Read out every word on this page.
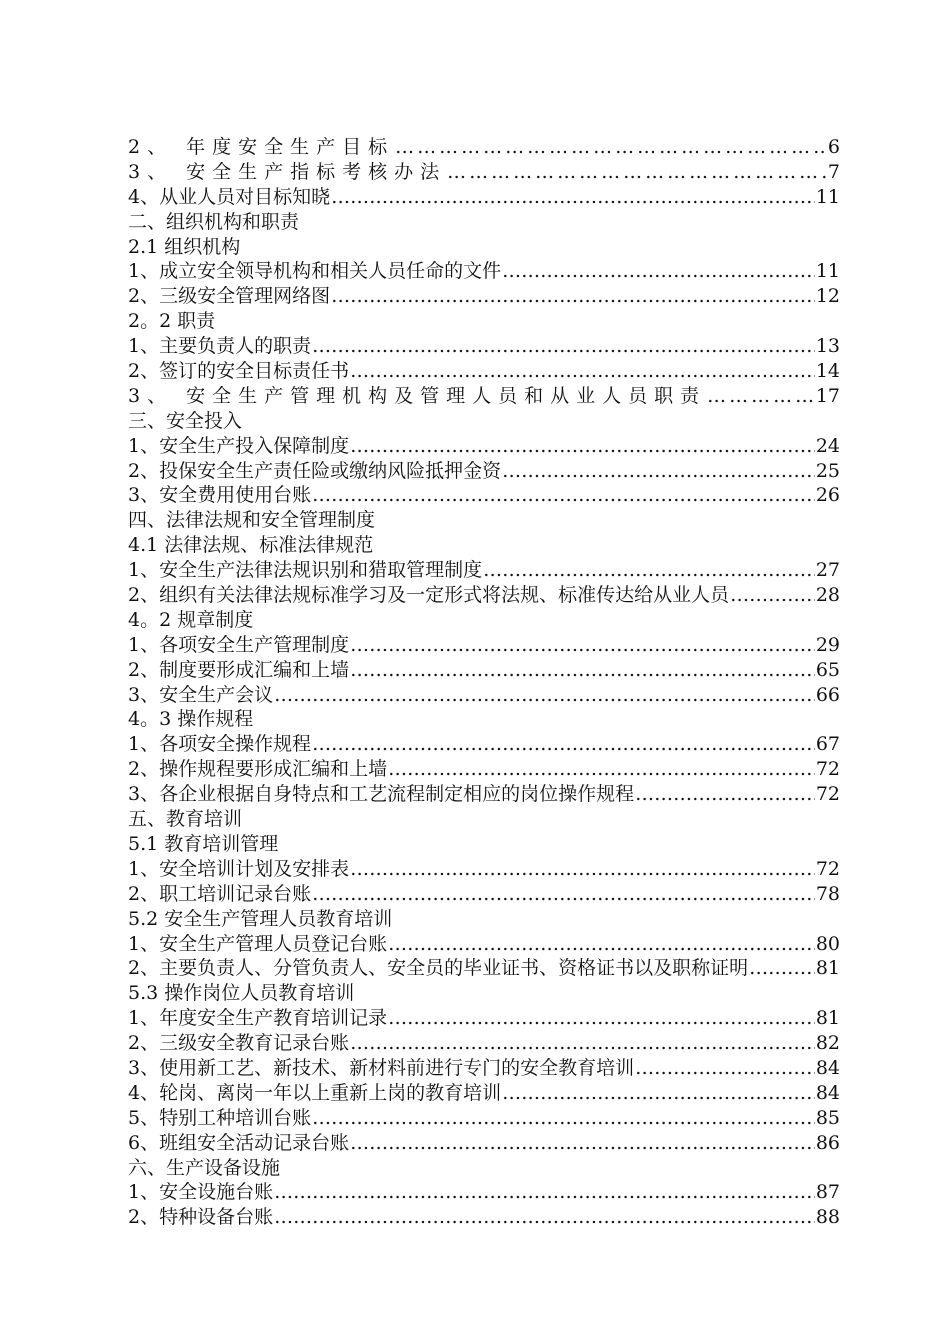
2、 年度安全生产目标 …………………………………………………………………………………………………………………………………………………………………………	6
3、 安全生产指标考核办法 …………………………………………………………………………………………………………………………………………………………………………	7
4、从业人员对目标知晓 …………………………………………………………………………………………………………………………………………………………………………	11
二、组织机构和职责
2.1 组织机构
1、成立安全领导机构和相关人员任命的文件 …………………………………………………………………………………………………………………………………………………………………………	11
2、三级安全管理网络图 …………………………………………………………………………………………………………………………………………………………………………	12
2。2 职责
1、主要负责人的职责 …………………………………………………………………………………………………………………………………………………………………………	13
2、签订的安全目标责任书 …………………………………………………………………………………………………………………………………………………………………………	14
3、 安全生产管理机构及管理人员和从业人员职责 …………………………………………………………………………………………………………………………………………………………………………	17
三、安全投入
1、安全生产投入保障制度 …………………………………………………………………………………………………………………………………………………………………………	24
2、投保安全生产责任险或缴纳风险抵押金资 …………………………………………………………………………………………………………………………………………………………………………	25
3、安全费用使用台账 …………………………………………………………………………………………………………………………………………………………………………	26
四、法律法规和安全管理制度
4.1 法律法规、标准法律规范
1、安全生产法律法规识别和猎取管理制度 …………………………………………………………………………………………………………………………………………………………………………	27
2、组织有关法律法规标准学习及一定形式将法规、标准传达给从业人员 …………………………………………………………………………………………………………………………………………………………………………	28
4。2 规章制度
1、各项安全生产管理制度 …………………………………………………………………………………………………………………………………………………………………………	29
2、制度要形成汇编和上墙 …………………………………………………………………………………………………………………………………………………………………………	65
3、安全生产会议 …………………………………………………………………………………………………………………………………………………………………………	66
4。3 操作规程
1、各项安全操作规程 …………………………………………………………………………………………………………………………………………………………………………	67
2、操作规程要形成汇编和上墙 …………………………………………………………………………………………………………………………………………………………………………	72
3、各企业根据自身特点和工艺流程制定相应的岗位操作规程 …………………………………………………………………………………………………………………………………………………………………………	72
五、教育培训
5.1 教育培训管理
1、安全培训计划及安排表 …………………………………………………………………………………………………………………………………………………………………………	72
2、职工培训记录台账 …………………………………………………………………………………………………………………………………………………………………………	78
5.2 安全生产管理人员教育培训
1、安全生产管理人员登记台账 …………………………………………………………………………………………………………………………………………………………………………	80
2、主要负责人、分管负责人、安全员的毕业证书、资格证书以及职称证明 …………………………………………………………………………………………………………………………………………………………………………	81
5.3 操作岗位人员教育培训
1、年度安全生产教育培训记录 …………………………………………………………………………………………………………………………………………………………………………	81
2、三级安全教育记录台账 …………………………………………………………………………………………………………………………………………………………………………	82
3、使用新工艺、新技术、新材料前进行专门的安全教育培训 …………………………………………………………………………………………………………………………………………………………………………	84
4、轮岗、离岗一年以上重新上岗的教育培训 …………………………………………………………………………………………………………………………………………………………………………	84
5、特别工种培训台账 …………………………………………………………………………………………………………………………………………………………………………	85
6、班组安全活动记录台账 …………………………………………………………………………………………………………………………………………………………………………	86
六、生产设备设施
1、安全设施台账 …………………………………………………………………………………………………………………………………………………………………………	87
2、特种设备台账 …………………………………………………………………………………………………………………………………………………………………………	88
